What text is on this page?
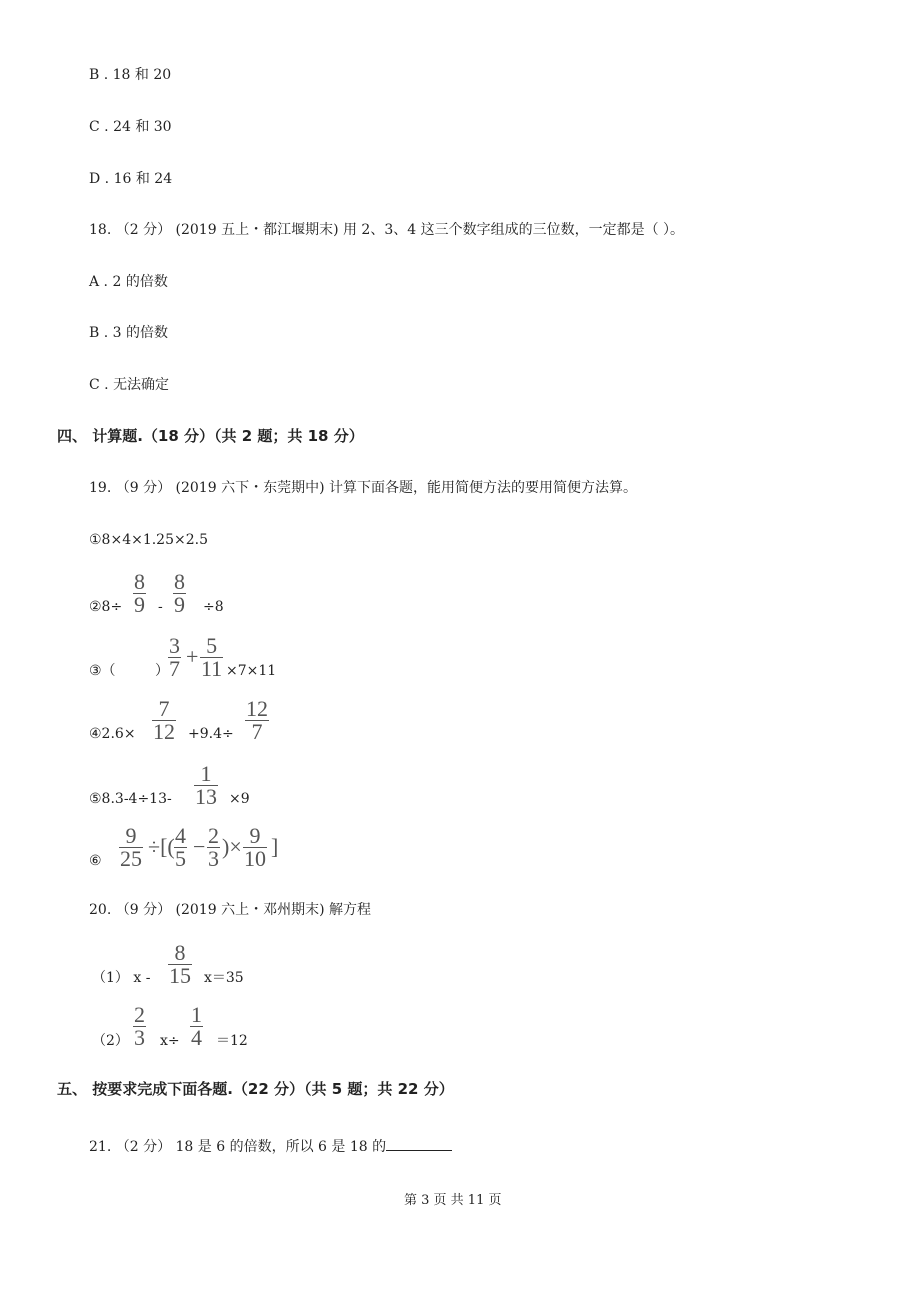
B . 18 和 20
C . 24 和 30
D . 16 和 24
18. （2 分） (2019 五上・都江堰期末) 用 2、3、4 这三个数字组成的三位数，一定都是（ ）。
A . 2 的倍数
B . 3 的倍数
C . 无法确定
四、 计算题.（18 分）（共 2 题；共 18 分）
19. （9 分） (2019 六下・东莞期中) 计算下面各题，能用简便方法的要用简便方法算。
①8×4×1.25×2.5
②8÷
8
9 -
8
9 ÷8
③（	）
3
7 + 5
11 ×7×11
④2.6×
7
12 +9.4÷
12
7
⑤8.3-4÷13-
1
13 ×9
⑥
9
25 ÷[( 4
5 − 2
3 )× 9
10 ]
20. （9 分） (2019 六上・邓州期末) 解方程
（1） x -
8
15 x＝35
（2）
2
3 x÷
1
4 ＝12
五、 按要求完成下面各题.（22 分）（共 5 题；共 22 分）
21. （2 分） 18 是 6 的倍数，所以 6 是 18 的
第 3 页 共 11 页
